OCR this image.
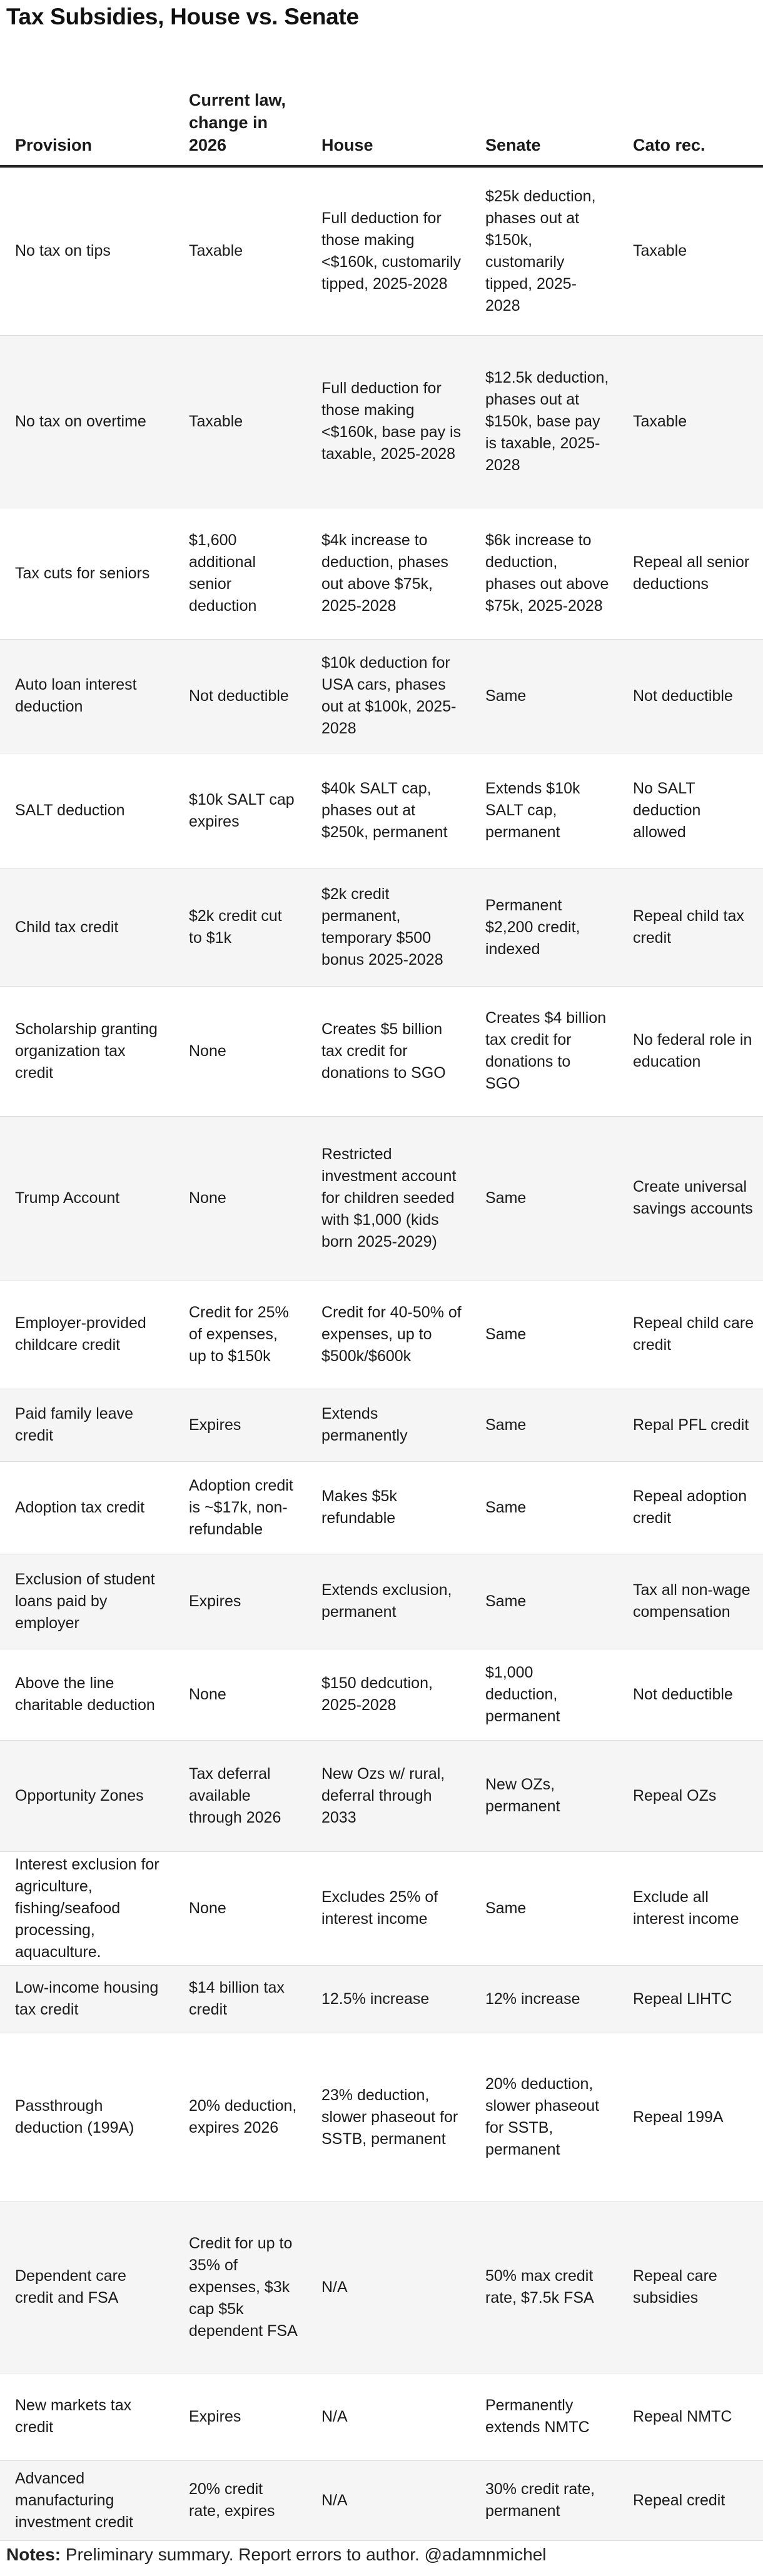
Tax Subsidies, House vs. Senate
Provision	Current law, change in 2026	House	Senate	Cato rec.
No tax on tips	Taxable	Full deduction for those making <$160k, customarily tipped, 2025-2028	$25k deduction, phases out at $150k, customarily tipped, 2025-2028	Taxable
No tax on overtime	Taxable	Full deduction for those making <$160k, base pay is taxable, 2025-2028	$12.5k deduction, phases out at $150k, base pay is taxable, 2025-2028	Taxable
Tax cuts for seniors	$1,600 additional senior deduction	$4k increase to deduction, phases out above $75k, 2025-2028	$6k increase to deduction, phases out above $75k, 2025-2028	Repeal all senior deductions
Auto loan interest deduction	Not deductible	$10k deduction for USA cars, phases out at $100k, 2025-2028	Same	Not deductible
SALT deduction	$10k SALT cap expires	$40k SALT cap, phases out at $250k, permanent	Extends $10k SALT cap, permanent	No SALT deduction allowed
Child tax credit	$2k credit cut to $1k	$2k credit permanent, temporary $500 bonus 2025-2028	Permanent $2,200 credit, indexed	Repeal child tax credit
Scholarship granting organization tax credit	None	Creates $5 billion tax credit for donations to SGO	Creates $4 billion tax credit for donations to SGO	No federal role in education
Trump Account	None	Restricted investment account for children seeded with $1,000 (kids born 2025-2029)	Same	Create universal savings accounts
Employer-provided childcare credit	Credit for 25% of expenses, up to $150k	Credit for 40-50% of expenses, up to $500k/$600k	Same	Repeal child care credit
Paid family leave credit	Expires	Extends permanently	Same	Repal PFL credit
Adoption tax credit	Adoption credit is ~$17k, non-refundable	Makes $5k refundable	Same	Repeal adoption credit
Exclusion of student loans paid by employer	Expires	Extends exclusion, permanent	Same	Tax all non-wage compensation
Above the line charitable deduction	None	$150 dedcution, 2025-2028	$1,000 deduction, permanent	Not deductible
Opportunity Zones	Tax deferral available through 2026	New Ozs w/ rural, deferral through 2033	New OZs, permanent	Repeal OZs
Interest exclusion for agriculture, fishing/seafood processing, aquaculture.	None	Excludes 25% of interest income	Same	Exclude all interest income
Low-income housing tax credit	$14 billion tax credit	12.5% increase	12% increase	Repeal LIHTC
Passthrough deduction (199A)	20% deduction, expires 2026	23% deduction, slower phaseout for SSTB, permanent	20% deduction, slower phaseout for SSTB, permanent	Repeal 199A
Dependent care credit and FSA	Credit for up to 35% of expenses, $3k cap $5k dependent FSA	N/A	50% max credit rate, $7.5k FSA	Repeal care subsidies
New markets tax credit	Expires	N/A	Permanently extends NMTC	Repeal NMTC
Advanced manufacturing investment credit	20% credit rate, expires	N/A	30% credit rate, permanent	Repeal credit
Notes: Preliminary summary. Report errors to author. @adamnmichel
